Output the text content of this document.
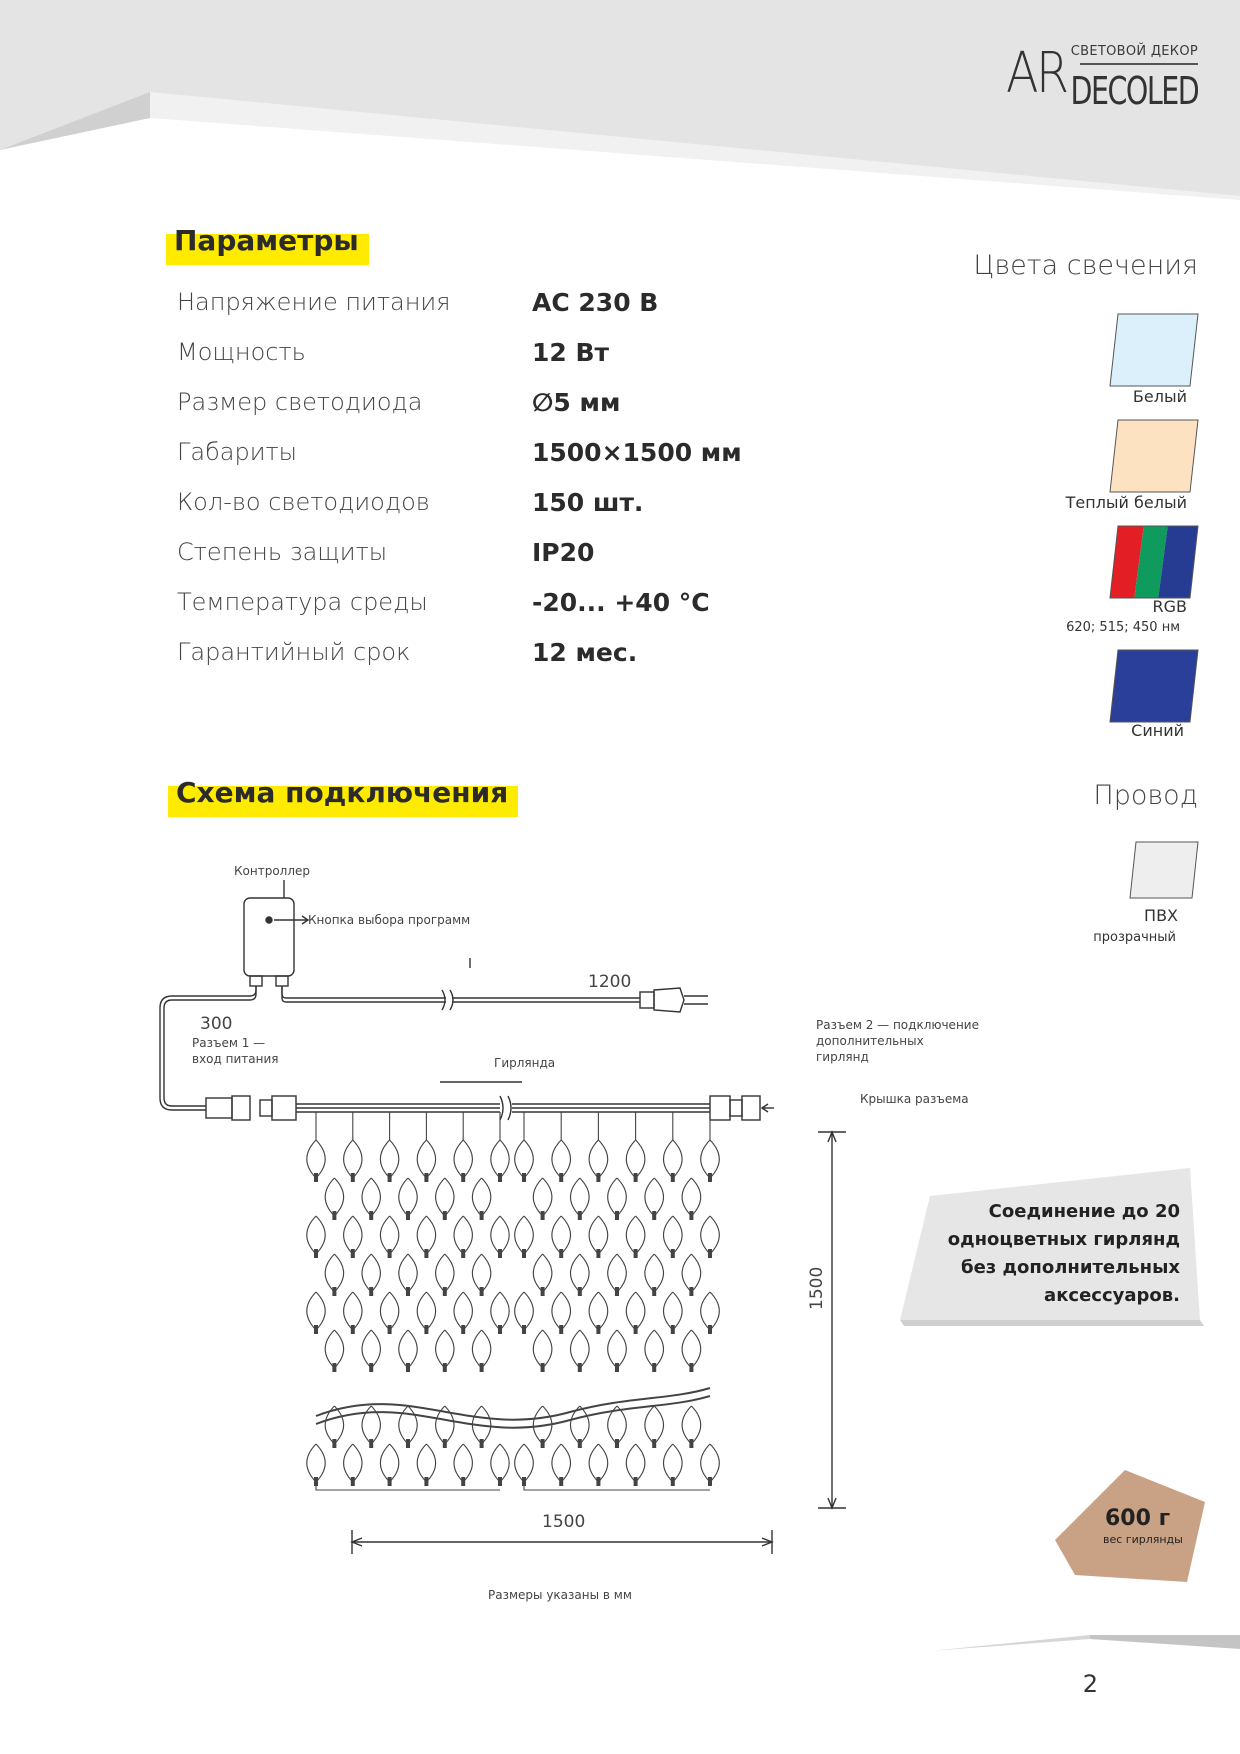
СВЕТОВОЙ ДЕКОР
AR DECOLED
Параметры
Напряжение питания	AC 230 В
Мощность	12 Вт
Размер светодиода	∅5 мм
Габариты	1500×1500 мм
Кол-во светодиодов	150 шт.
Степень защиты	IP20
Температура среды	-20... +40 °С
Гарантийный срок	12 мес.
Цвета свечения
Белый
Теплый белый
RGB
620; 515; 450 нм
Синий
Провод
ПВХ
прозрачный
Схема подключения
Контроллер
Кнопка выбора программ
1200
300
Разъем 1 —
вход питания	Гирлянда
Разъем 2 — подключение
дополнительных
гирлянд
Крышка разъема
1500
1500
Размеры указаны в мм
Соединение до 20
одноцветных гирлянд
без дополнительных
аксессуаров.
600 г
вес гирлянды
2
